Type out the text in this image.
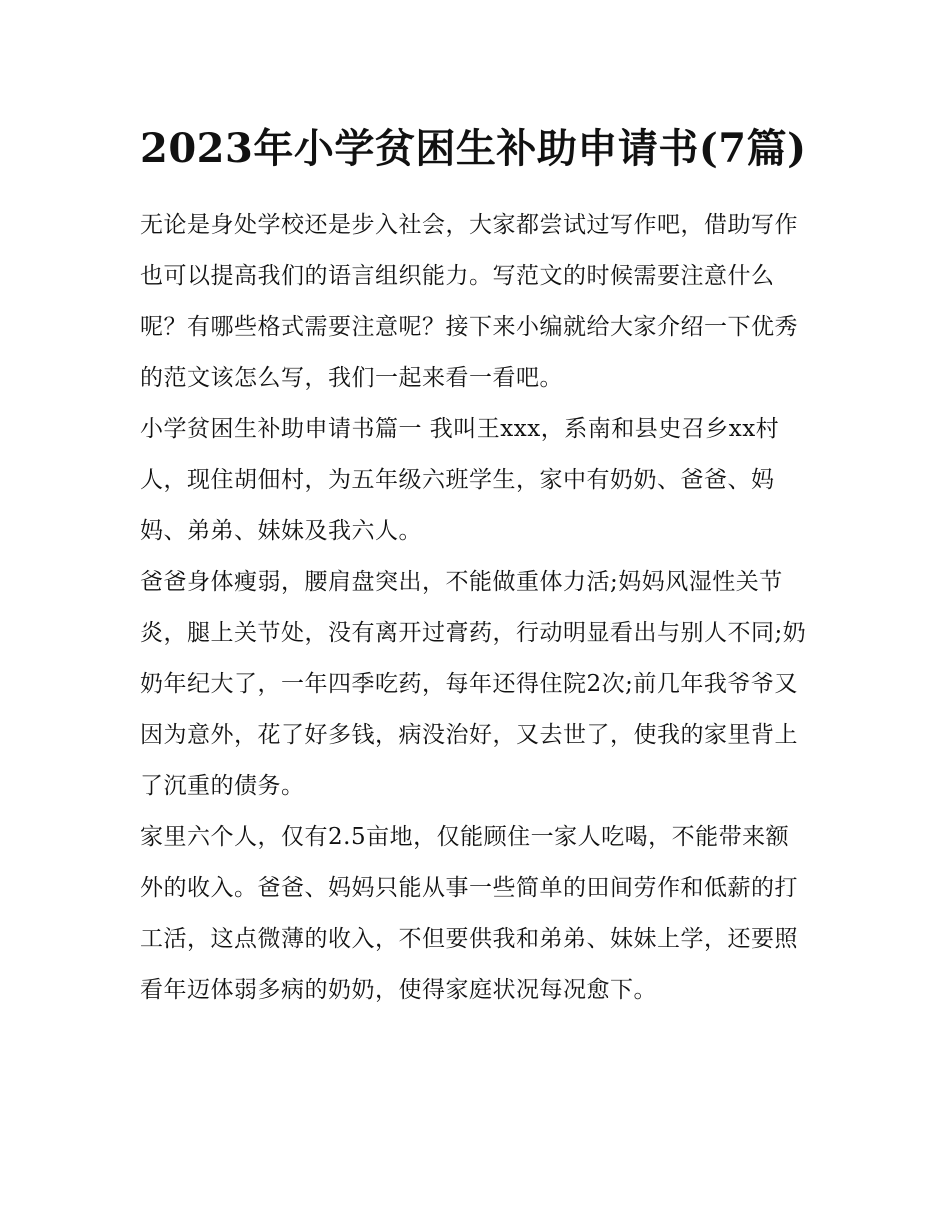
2023年小学贫困生补助申请书(7篇)

无论是身处学校还是步入社会，大家都尝试过写作吧，借助写作也可以提高我们的语言组织能力。写范文的时候需要注意什么呢？有哪些格式需要注意呢？接下来小编就给大家介绍一下优秀的范文该怎么写，我们一起来看一看吧。

小学贫困生补助申请书篇一 我叫王xxx，系南和县史召乡xx村人，现住胡佃村，为五年级六班学生，家中有奶奶、爸爸、妈妈、弟弟、妹妹及我六人。

爸爸身体瘦弱，腰肩盘突出，不能做重体力活;妈妈风湿性关节炎，腿上关节处，没有离开过膏药，行动明显看出与别人不同;奶奶年纪大了，一年四季吃药，每年还得住院2次;前几年我爷爷又因为意外，花了好多钱，病没治好，又去世了，使我的家里背上了沉重的债务。

家里六个人，仅有2.5亩地，仅能顾住一家人吃喝，不能带来额外的收入。爸爸、妈妈只能从事一些简单的田间劳作和低薪的打工活，这点微薄的收入，不但要供我和弟弟、妹妹上学，还要照看年迈体弱多病的奶奶，使得家庭状况每况愈下。
